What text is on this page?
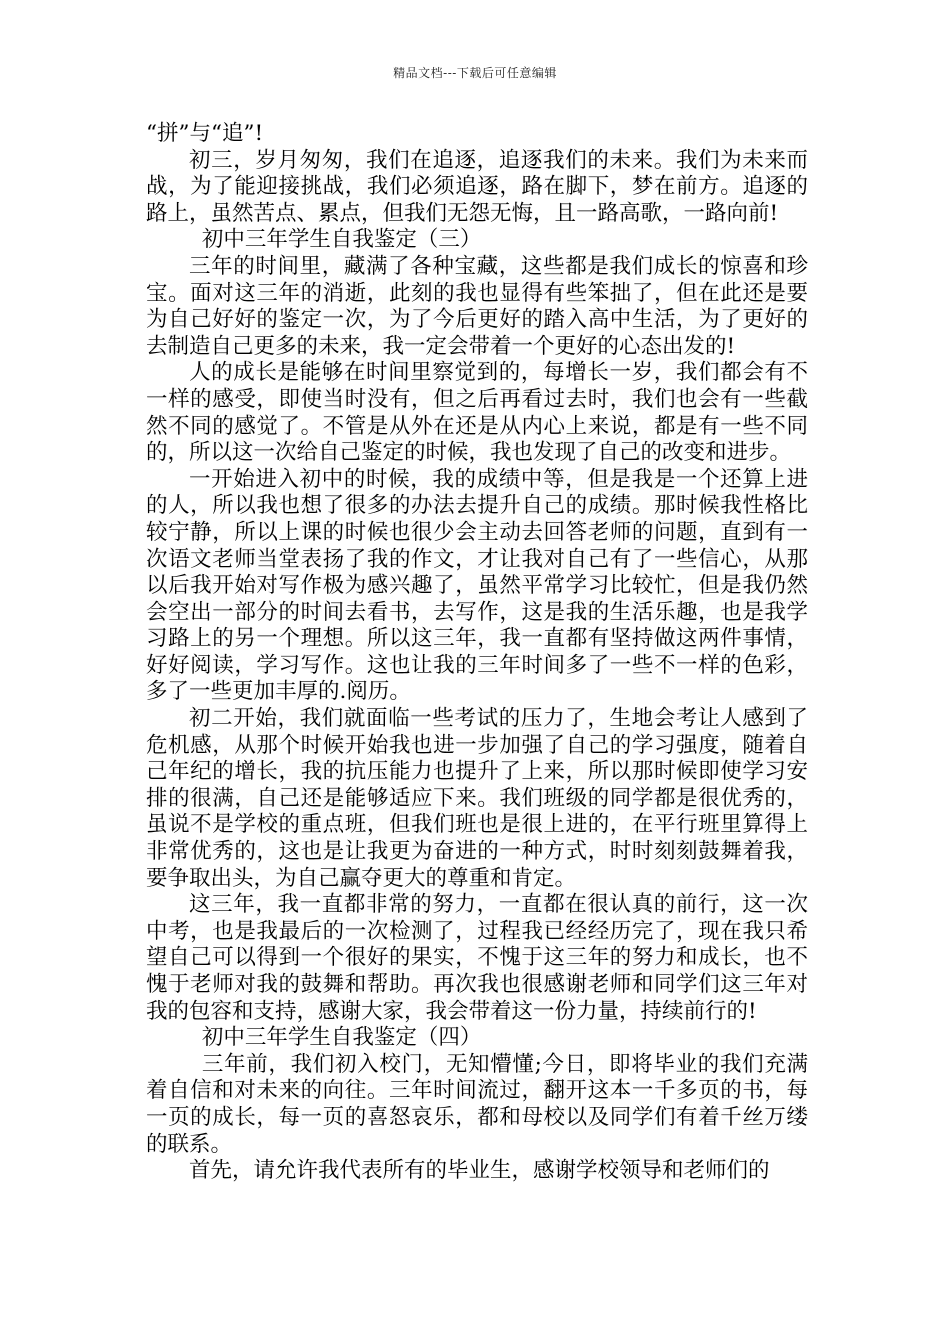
精品文档---下载后可任意编辑

“拼”与“追”!

初三，岁月匆匆，我们在追逐，追逐我们的未来。我们为未来而战，为了能迎接挑战，我们必须追逐，路在脚下，梦在前方。追逐的路上，虽然苦点、累点，但我们无怨无悔，且一路高歌，一路向前!

初中三年学生自我鉴定（三）

三年的时间里，藏满了各种宝藏，这些都是我们成长的惊喜和珍宝。面对这三年的消逝，此刻的我也显得有些笨拙了，但在此还是要为自己好好的鉴定一次，为了今后更好的踏入高中生活，为了更好的去制造自己更多的未来，我一定会带着一个更好的心态出发的!

人的成长是能够在时间里察觉到的，每增长一岁，我们都会有不一样的感受，即使当时没有，但之后再看过去时，我们也会有一些截然不同的感觉了。不管是从外在还是从内心上来说，都是有一些不同的，所以这一次给自己鉴定的时候，我也发现了自己的改变和进步。

一开始进入初中的时候，我的成绩中等，但是我是一个还算上进的人，所以我也想了很多的办法去提升自己的成绩。那时候我性格比较宁静，所以上课的时候也很少会主动去回答老师的问题，直到有一次语文老师当堂表扬了我的作文，才让我对自己有了一些信心，从那以后我开始对写作极为感兴趣了，虽然平常学习比较忙，但是我仍然会空出一部分的时间去看书，去写作，这是我的生活乐趣，也是我学习路上的另一个理想。所以这三年，我一直都有坚持做这两件事情，好好阅读，学习写作。这也让我的三年时间多了一些不一样的色彩，多了一些更加丰厚的.阅历。

初二开始，我们就面临一些考试的压力了，生地会考让人感到了危机感，从那个时候开始我也进一步加强了自己的学习强度，随着自己年纪的增长，我的抗压能力也提升了上来，所以那时候即使学习安排的很满，自己还是能够适应下来。我们班级的同学都是很优秀的，虽说不是学校的重点班，但我们班也是很上进的，在平行班里算得上非常优秀的，这也是让我更为奋进的一种方式，时时刻刻鼓舞着我，要争取出头，为自己赢夺更大的尊重和肯定。

这三年，我一直都非常的努力，一直都在很认真的前行，这一次中考，也是我最后的一次检测了，过程我已经经历完了，现在我只希望自己可以得到一个很好的果实，不愧于这三年的努力和成长，也不愧于老师对我的鼓舞和帮助。再次我也很感谢老师和同学们这三年对我的包容和支持，感谢大家，我会带着这一份力量，持续前行的!

初中三年学生自我鉴定（四）

三年前，我们初入校门，无知懵懂;今日，即将毕业的我们充满着自信和对未来的向往。三年时间流过，翻开这本一千多页的书，每一页的成长，每一页的喜怒哀乐，都和母校以及同学们有着千丝万缕的联系。

首先，请允许我代表所有的毕业生，感谢学校领导和老师们的
